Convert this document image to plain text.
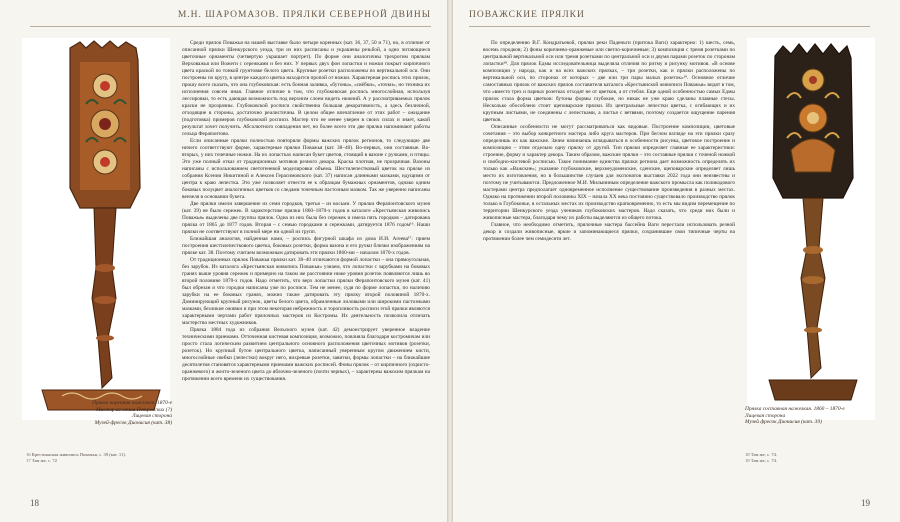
М.Н. ШАРОМАЗОВ. ПРЯЛКИ СЕВЕРНОЙ ДВИНЫ
Прялка коренная нажелкая. 1870-е
Мастер из семьи Петровских (?)
Лицевая сторона
Музей-фресок Дионисия (кат. 38)
16 Крестьянская живопись Поважья, с. 39 (кат. 11).
17 Там же, с. 72

Среди прялок Поважья на нашей выставке было четыре коренных (кат. 36, 37, 50 и 71), но, в отличие от описанной прялки Шенкурского уезда, три из них расписаны и украшены резьбой, а одно читающиеся цветочные орнаменты (четвертую украшает портрет). По форме они аналогичны трехрогим прялкам Верховажья или Вожеги с сережками и без них. У первых двух фон лопастки и ножки покрыт кирпичного цвета краской по тонкой грунтовке белого цвета. Крупные розетки расположены по вертикальной оси. Они построены по кругу, в центре каждого цветка находится пропой от ножки. Характерная роспись этих прялок, прошу всего сказать, что она глубоковская: есть бонная заливка, «бутоны», «свёбки», «точки», но техника их исполнения совсем иная. Главное отличие в том, что глубоковская роспись многослойная, используя лессировки, то есть дающая возможность под верхним слоем видеть нижний. А у рассматриваемых прялок краски не прозрачны. Глубоковской росписи свойственна большая декоративность, а здесь безличной, отходящие в стороны, достаточно реалистичны. В целом общее впечатление от этих работ – ожидание (подготовка) примеров глубоковской росписи. Мастер что не менее уверен в своих силах и знает, какой результат хочет получить. Абсолютного совпадения нет, но более всего эти две прялки напоминают работы сельца Ферапонтово.

Если описанные прялки полностью повторяли формы важских прялок регионов, то следующие две ничего соответствуют форме, характерные прялки Поважья (кат. 38–40). Во-первых, они составные. Во-вторых, у них точечные ножки. На их лопастках написан букет цветов, стоящий в вазоне с ручками, и птицы. Это уже полный отказ от традиционных мотивов резного декора. Краска плотная, не прозрачная. Вазоны написаны с использованием светотеневой моделировки объема. Шестилепестковый цветок на прялке из собрания Ксении Никитиной и Алексея Герасимовского (кат. 37) написан длинными мазками, идущими от центра к краю лепестка. Это уже позволяет отнести ее к образцам бумажных орнаментов, однако одним боковых полуцвет аналогичных цветков со следами точечным пастозным мазком. Так же уверенно написаны вензеля в основании букета.

Две прялки имели завершение из семи городков, третья – из восьми. У прялки Ферапонтовского музея (кат. 39) не было сережек. В характерстике прялки 1860–1870-х годов в каталоге «Крестьянская живопись Поважья» выделены две группы прялок. Одна из них была без сережек и имела пять городков – датирована прялка от 1865 до 1877 годов. Вторая – с семью городками и сережками, датируется 1876 годом¹⁶. Наши прялки не соответствуют в полной мере ни одной из групп.

Ближайшая аналогия, найденная нами, – роспись фигурной шкафа из дома И.И. Агеева¹⁷: прием построения шестилепесткового цветка, боковых розетки, форма вазона и его ручки близки изображениям на прялке кат. 38. Поэтому считаем возможным датировать эти прялки 1860-ми – началом 1870-х годов.

От традиционных прялок Поважья прялки кат. 38–40 отличаются формой лопастки – она прямоугольная, без зарубок. Из каталога «Крестьянская живопись Поважья» узнаем, что лопастки с зарубками на боковых гранях выше уровня сережек и примерно на таком же расстоянии ниже уровня розеток появляются лишь во второй половине 1870-х годов. Надо отметить, что верх лопастки прялки Ферапонтовского музея (кат. 41) был обрезан и что городки написаны уже по росписи. Тем не менее, судя по форме лопастки, по наличию зарубки на ее боковых гранях, можно также датировать эту прялку второй половиной 1870-х. Доминирующий крупный рисунок, цветы белого цвета, обрамленные лиловыми или широкими пастозными мазками, безликие оживки и при этом некоторая небрежность и торопливость росписи этой прялки являются характерными чертами работ прялочных мастеров из Костромы. Их деятельность позволила отличать мастерство местных художников.

Прялка 1884 года из собрания Вельского музея (кат. 42) демонстрирует уверенное владение техническими приемами. Отточенная кистевая композиция, возможно, повлияла благодаря костромичам или просто стала логическим развитием центрального основного расположения цветочных мотивов (розетки, розеток). Но крупный бутон центрального цветка, написанный уверенным кругом движением кисти, многослойные свебки (лепестки) вокруг него, вихревые розетки, завитки, формы лопастки – на ближайшие десятилетия становятся характерными приемами важских росписей. Фоны прялок – от кирпичного (охристо-оранжевого) и желто-зеленого цвета до яблочно-зеленого (почти черных), – характерны важским прялкам на протяжении всего времени их существования.

18
ПОВАЖСКИЕ ПРЯЛКИ

По определению В.Г. Кондратьевой, прялки реки Паденьги (притока Ваги) характерно: 1) шесть, семь, восемь городков; 2) фоны коричнево-оранжевые или светло-коричневые; 3) композиция с тремя розетками по центральной вертикальной оси или тремя розетками по центральной оси и двумя парами розеток по сторонам лопастки¹⁸. Для прялок Едмы исследовательница выделяла отличия по ритму и рисунку мотивов. «В основе композиции у народа, как и на всех важских прялках, – три розетки, как и прялки расположены по вертикальной оси, по сторонах от которых – две или три пары малых розеток»¹⁹. Основное отличие самоставных прялок от важских прялок составителя каталога «Крестьянской живописи Поважья» видят в том, что «вместо трех и парных розетках отходят не от цветков, а от стебля. Еще одной особенностью самых Едмы прялок стала форма цветков: бутоны формы глубокие, но никак не уже краю сделаны плавные стесы. Несколько обособлено стоит щеповарские прялки. Их центральные лепестки цветка, с огибающих и их крупным листьями, не соединены с лепестками, а листья с ветвями, поэтому создается ощущение парения цветков.

Описанные особенности не могут рассматриваться как видовые. Построение композиции, цветовые сочетания – это выбор конкретного мастера либо круга мастеров. При беглом взгляде на эти прялки сразу определишь их как важские. Зачем начинаешь вглядываться в особенности рисунка, цветовое построение и композицию – этим отдельно одну прялку от другой. Тип прялки определяет главные ее характеристики: строение, форму и характер декора. Таким образом, важские прялки – это составные прялки с точеной ножкой и свободно-кистевой росписью. Такое понимание единства прялки региона дает возможность определять их только как «Важские»; указание глубоковские, верхнеудоменские, сденские, щеповарские определяет лишь место их изготовления, но в большинстве случаев для экспонатов выставки 2022 года они неизвестны и поэтому не учитываются. Предложенное М.И. Милыниным определение важского промысла как поликодового мастерами центра предполагает одновременное исполнение существование произведения в разных местах. Однако на протяжении второй половины XIX – начала XX века постоянно существовало производство прялок только в Глубоконье, в остальных местах их производство кратковременно, то есть мы видим перемещение по территории Шенкурского уезда учеников глубоковских мастеров. Надо сказать, что среди них были и живописные мастера, благодаря чему их работы выделяются из общего потока.

Главное, что необходимо отметить, прялочные мастера бассейна Ваги перестали использовать резной декор и создали живописные, яркие и запоминающиеся прялки, сохранившие свои типичные черты на протяжении более чем семидесяти лет.

Прялка составная нажелкая. 1860 – 1870-е
Лицевая сторона
Музей фресок Дионисия (кат. 39)
18 Там же, с. 74.
19 Там же, с. 74.
19
